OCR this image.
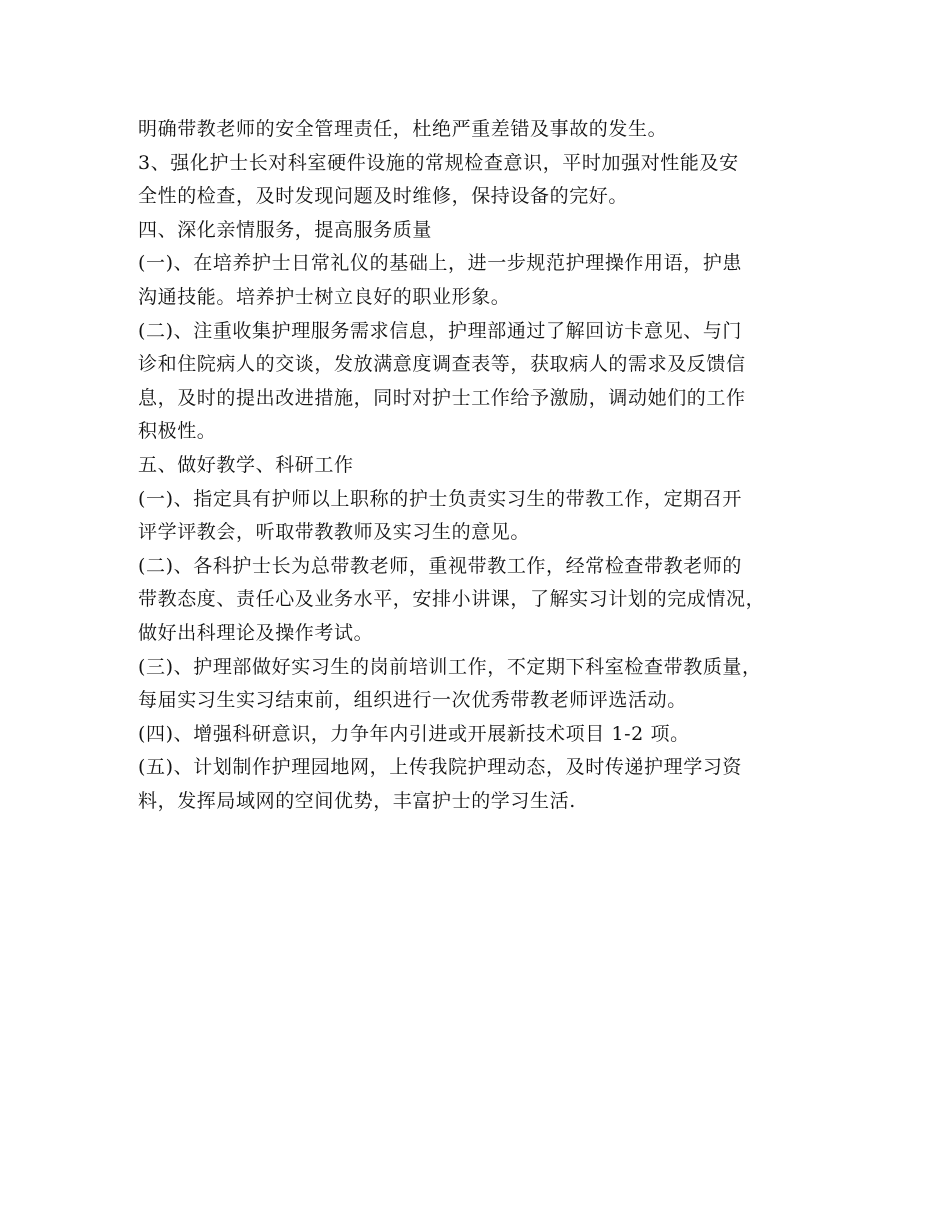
明确带教老师的安全管理责任，杜绝严重差错及事故的发生。
3、强化护士长对科室硬件设施的常规检查意识，平时加强对性能及安
全性的检查，及时发现问题及时维修，保持设备的完好。
四、深化亲情服务，提高服务质量
(一)、在培养护士日常礼仪的基础上，进一步规范护理操作用语，护患
沟通技能。培养护士树立良好的职业形象。
(二)、注重收集护理服务需求信息，护理部通过了解回访卡意见、与门
诊和住院病人的交谈，发放满意度调查表等，获取病人的需求及反馈信
息，及时的提出改进措施，同时对护士工作给予激励，调动她们的工作
积极性。
五、做好教学、科研工作
(一)、指定具有护师以上职称的护士负责实习生的带教工作，定期召开
评学评教会，听取带教教师及实习生的意见。
(二)、各科护士长为总带教老师，重视带教工作，经常检查带教老师的
带教态度、责任心及业务水平，安排小讲课，了解实习计划的完成情况，
做好出科理论及操作考试。
(三)、护理部做好实习生的岗前培训工作，不定期下科室检查带教质量，
每届实习生实习结束前，组织进行一次优秀带教老师评选活动。
(四)、增强科研意识，力争年内引进或开展新技术项目 1-2 项。
(五)、计划制作护理园地网，上传我院护理动态，及时传递护理学习资
料，发挥局域网的空间优势，丰富护士的学习生活.
